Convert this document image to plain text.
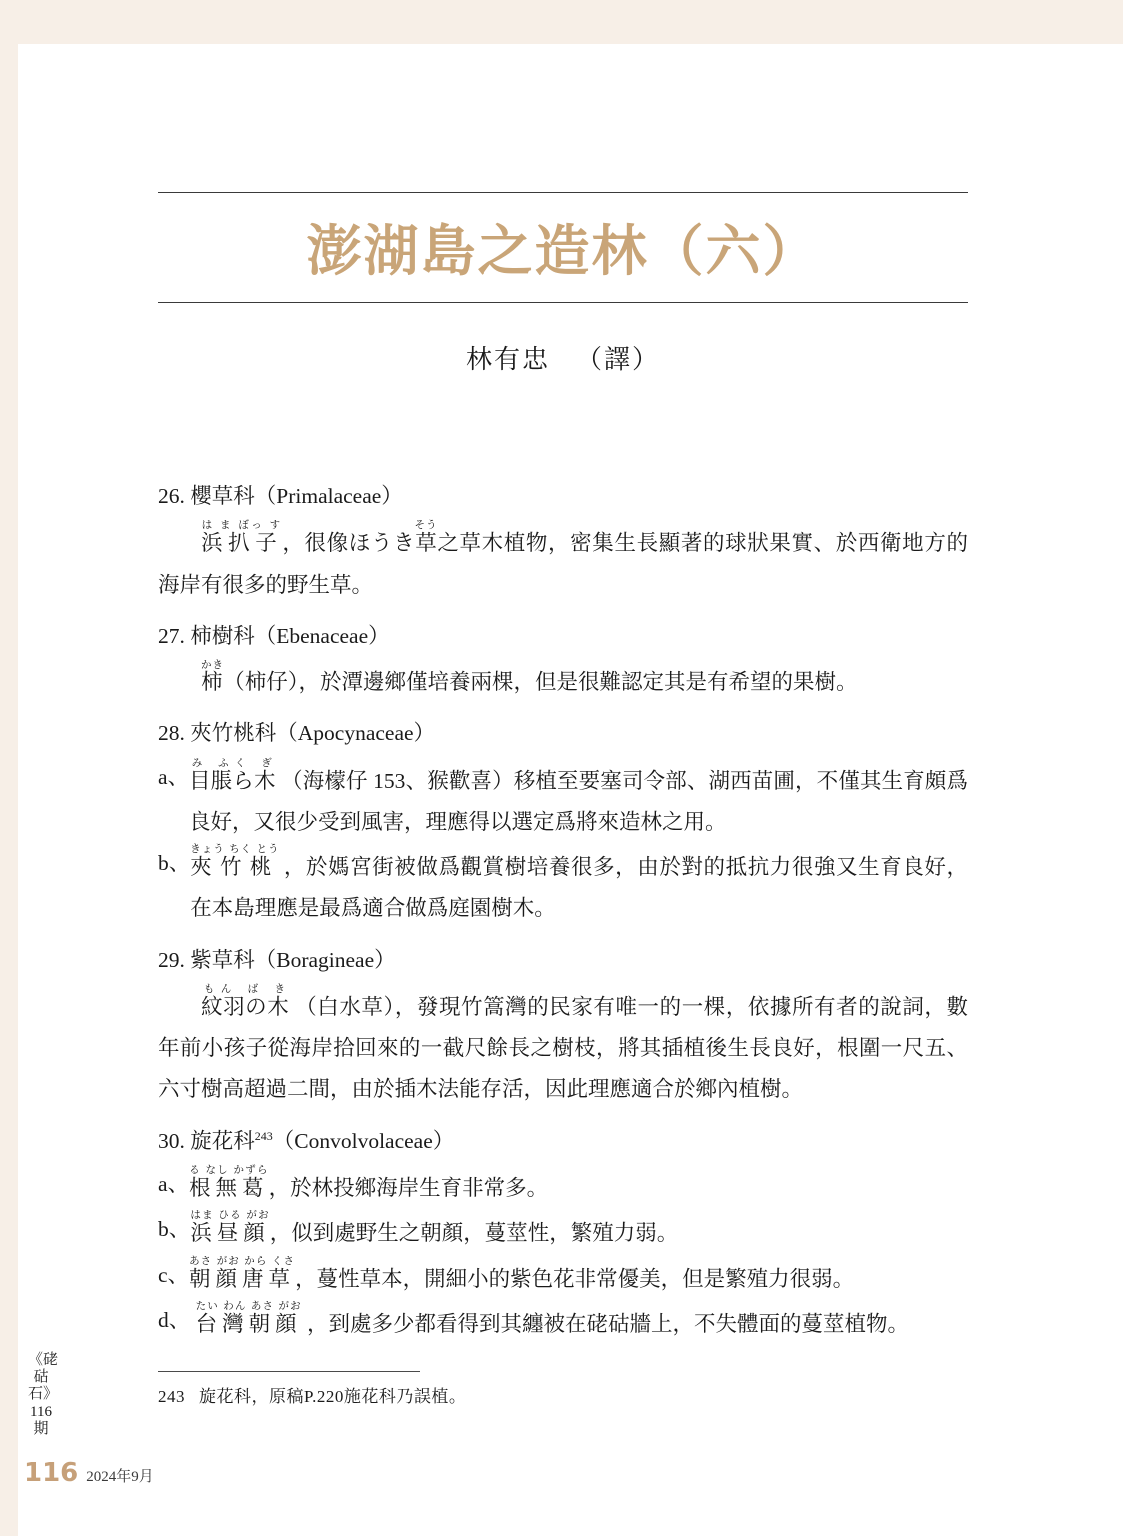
澎湖島之造林（六）
林有忠 （譯）
26. 櫻草科（Primalaceae）
浜扒子は ま ぼっ す，很像ほうき草そう之草木植物，密集生長顯著的球狀果實、於西衛地方的海岸有很多的野生草。
27. 柿樹科（Ebenaceae）
柿かき（柿仔），於潭邊鄉僅培養兩棵，但是很難認定其是有希望的果樹。
28. 夾竹桃科（Apocynaceae）
a、 目脹ら木み ふく ぎ （海檬仔 153、猴歡喜）移植至要塞司令部、湖西苗圃，不僅其生育頗爲良好，又很少受到風害，理應得以選定爲將來造林之用。
b、 夾竹桃きょう ちく とう ，於媽宮街被做爲觀賞樹培養很多，由於對的抵抗力很強又生育良好，在本島理應是最爲適合做爲庭園樹木。
29. 紫草科（Boragineae）
紋羽の木もん ば き （白水草），發現竹篙灣的民家有唯一的一棵，依據所有者的說詞，數年前小孩子從海岸拾回來的一截尺餘長之樹枝，將其插植後生長良好，根圍一尺五、六寸樹高超過二間，由於插木法能存活，因此理應適合於鄉內植樹。
30. 旋花科$^{243}$（Convolvolaceae）
a、 根無葛る なし かずら，於林投鄉海岸生育非常多。
b、 浜昼顔はま ひる がお，似到處野生之朝顏，蔓莖性，繁殖力弱。
c、 朝顔唐草あさ がお から くさ，蔓性草本，開細小的紫色花非常優美，但是繁殖力很弱。
d、 台灣朝顔たい わん あさ がお ，到處多少都看得到其纏被在硓𥑮牆上，不失體面的蔓莖植物。
243 旋花科，原稿P.220施花科乃誤植。
《硓
𥑮
石》
116
期
116 2024年9月
